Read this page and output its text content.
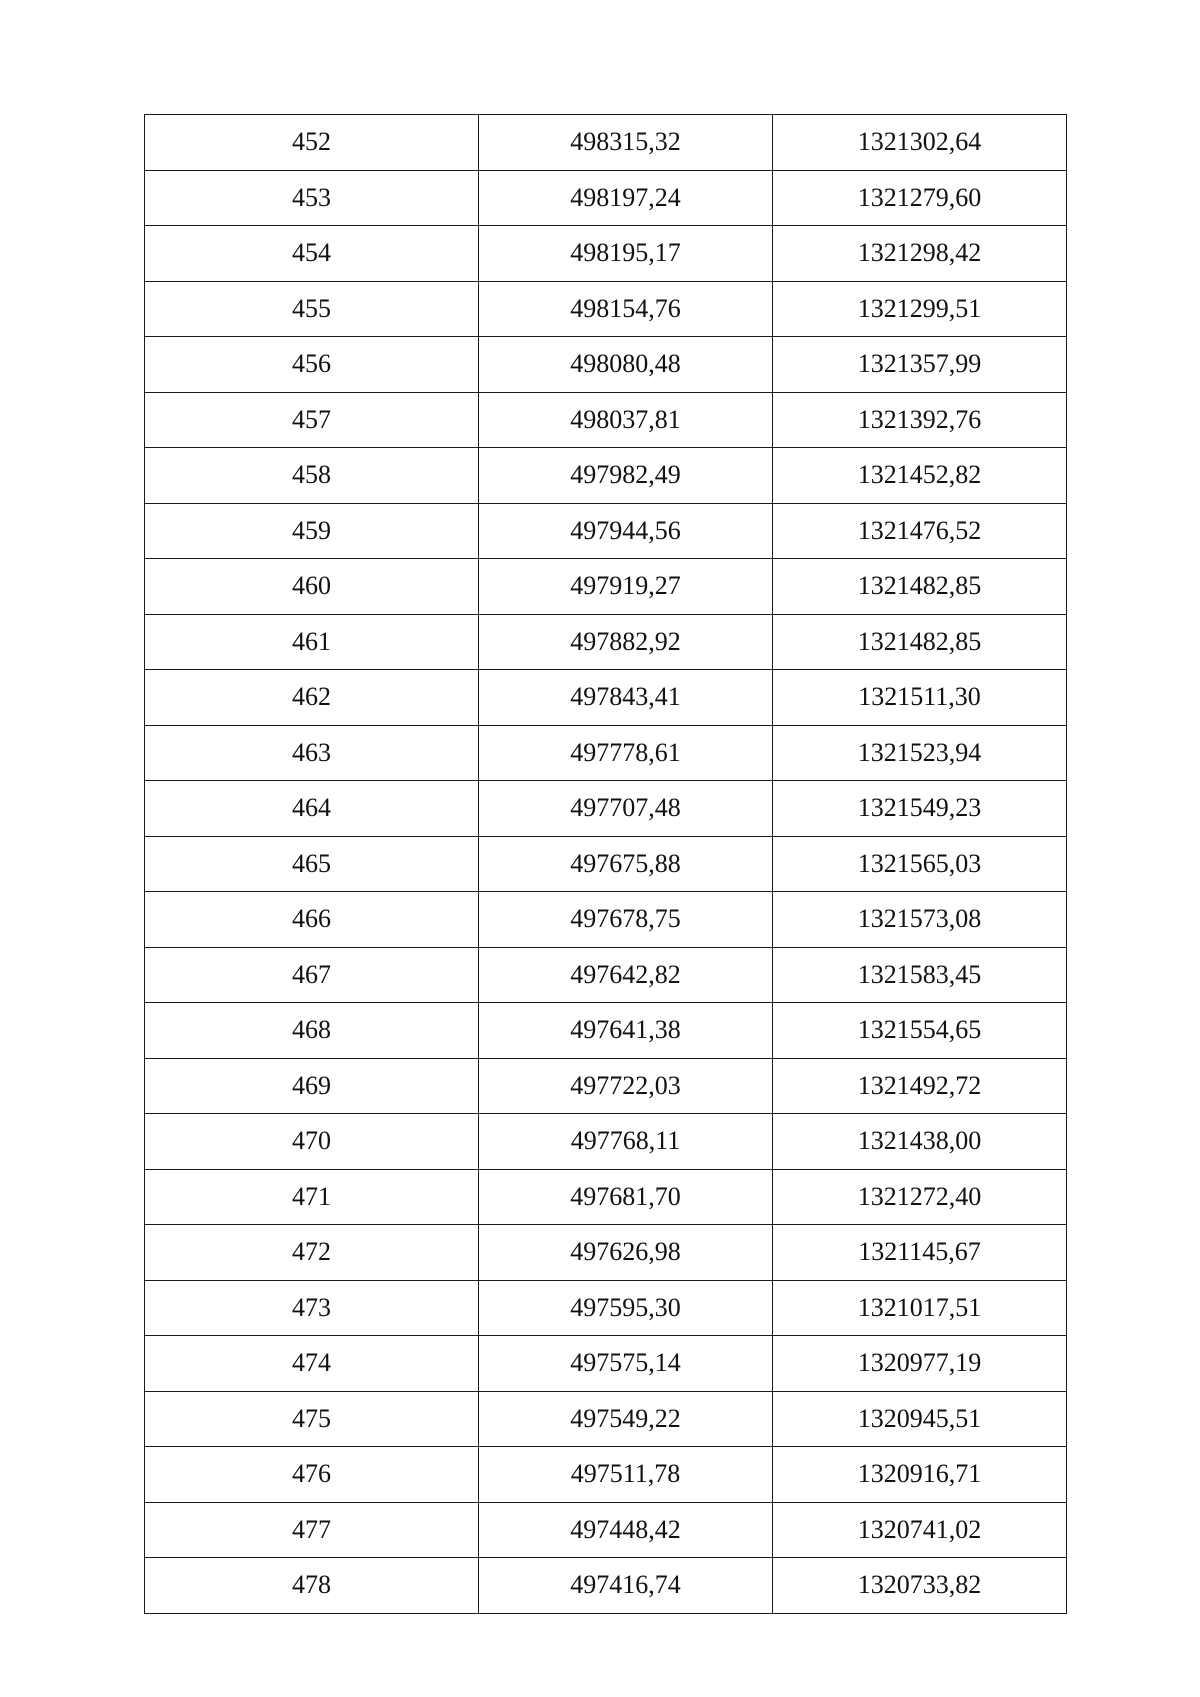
452	498315,32	1321302,64
453	498197,24	1321279,60
454	498195,17	1321298,42
455	498154,76	1321299,51
456	498080,48	1321357,99
457	498037,81	1321392,76
458	497982,49	1321452,82
459	497944,56	1321476,52
460	497919,27	1321482,85
461	497882,92	1321482,85
462	497843,41	1321511,30
463	497778,61	1321523,94
464	497707,48	1321549,23
465	497675,88	1321565,03
466	497678,75	1321573,08
467	497642,82	1321583,45
468	497641,38	1321554,65
469	497722,03	1321492,72
470	497768,11	1321438,00
471	497681,70	1321272,40
472	497626,98	1321145,67
473	497595,30	1321017,51
474	497575,14	1320977,19
475	497549,22	1320945,51
476	497511,78	1320916,71
477	497448,42	1320741,02
478	497416,74	1320733,82
